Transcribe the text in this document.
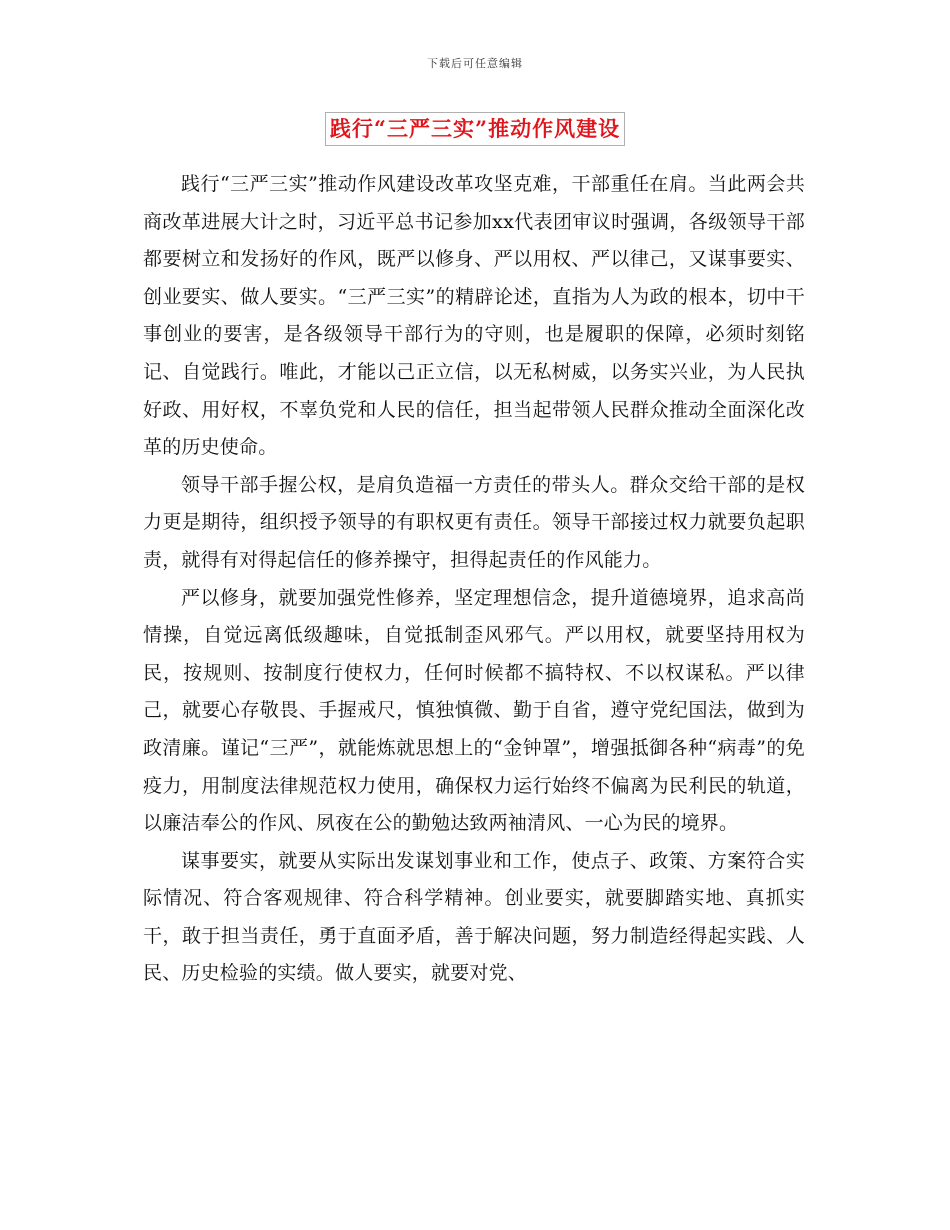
下载后可任意编辑
践行“三严三实”推动作风建设

践行“三严三实”推动作风建设改革攻坚克难，干部重任在肩。当此两会共商改革进展大计之时，习近平总书记参加xx代表团审议时强调，各级领导干部都要树立和发扬好的作风，既严以修身、严以用权、严以律己，又谋事要实、创业要实、做人要实。“三严三实”的精辟论述，直指为人为政的根本，切中干事创业的要害，是各级领导干部行为的守则，也是履职的保障，必须时刻铭记、自觉践行。唯此，才能以己正立信，以无私树威，以务实兴业，为人民执好政、用好权，不辜负党和人民的信任，担当起带领人民群众推动全面深化改革的历史使命。

领导干部手握公权，是肩负造福一方责任的带头人。群众交给干部的是权力更是期待，组织授予领导的有职权更有责任。领导干部接过权力就要负起职责，就得有对得起信任的修养操守，担得起责任的作风能力。

严以修身，就要加强党性修养，坚定理想信念，提升道德境界，追求高尚情操，自觉远离低级趣味，自觉抵制歪风邪气。严以用权，就要坚持用权为民，按规则、按制度行使权力，任何时候都不搞特权、不以权谋私。严以律己，就要心存敬畏、手握戒尺，慎独慎微、勤于自省，遵守党纪国法，做到为政清廉。谨记“三严”，就能炼就思想上的“金钟罩”，增强抵御各种“病毒”的免疫力，用制度法律规范权力使用，确保权力运行始终不偏离为民利民的轨道，以廉洁奉公的作风、夙夜在公的勤勉达致两袖清风、一心为民的境界。

谋事要实，就要从实际出发谋划事业和工作，使点子、政策、方案符合实际情况、符合客观规律、符合科学精神。创业要实，就要脚踏实地、真抓实干，敢于担当责任，勇于直面矛盾，善于解决问题，努力制造经得起实践、人民、历史检验的实绩。做人要实，就要对党、
